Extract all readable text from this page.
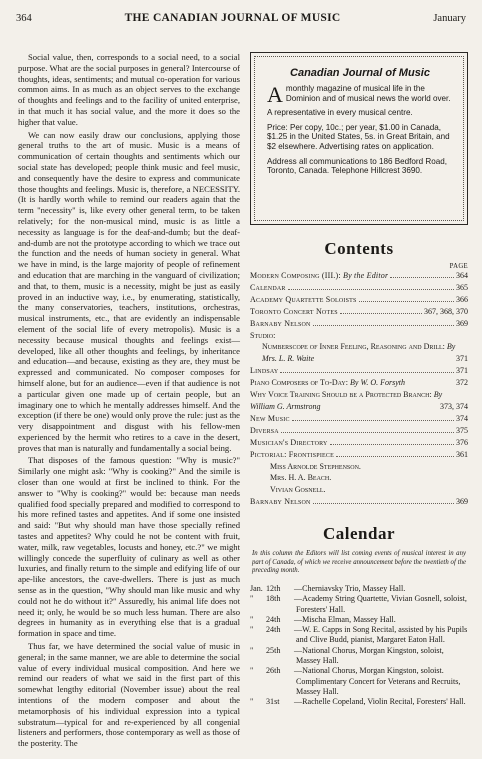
364	THE CANADIAN JOURNAL OF MUSIC	January

Social value, then, corresponds to a social need, to a social purpose. What are the social purposes in general? Intercourse of thoughts, ideas, sentiments; and mutual co-operation for various common aims. In as much as an object serves to the exchange of thoughts and feelings and to the facility of united enterprise, in that much it has social value, and the more it does so the higher that value.

We can now easily draw our conclusions, applying those general truths to the art of music. Music is a means of communication of certain thoughts and sentiments which our social state has developed; people think music and feel music, and consequently have the desire to express and communicate those thoughts and feelings. Music is, therefore, a NECESSITY. (It is hardly worth while to remind our readers again that the term "necessity" is, like every other general term, to be taken relatively; for the non-musical mind, music is as little a necessity as language is for the deaf-and-dumb; but the deaf-and-dumb are not the prototype according to which we trace out the function and the needs of human society in general. What we have in mind, is the large majority of people of refinement and education that are marching in the vanguard of civilization; and that, to them, music is a necessity, might be just as easily proved in an inductive way, i.e., by enumerating, statistically, the many conservatories, teachers, institutions, orchestras, musical instruments, etc., that are evidently an indispensable element of the social life of every metropolis). Music is a necessity because musical thoughts and feelings exist—developed, like all other thoughts and feelings, by inheritance and education—and because, existing as they are, they must be expressed and communicated. No composer composes for himself alone, but for an audience—even if that audience is not a particular given one made up of certain people, but an imaginary one to which he mentally addresses himself. And the exception (if there be one) would only prove the rule: just as the very disappointment and disgust with his fellow-men experienced by the hermit who retires to a cave in the desert, proves that man is naturally and fundamentally a social being.

That disposes of the famous question: "Why is music?" Similarly one might ask: "Why is cooking?" And the simile is closer than one would at first be inclined to think. For the answer to "Why is cooking?" would be: because man needs qualified food specially prepared and modified to correspond to his more refined tastes and appetites. And if some one insisted and said: "But why should man have those specially refined tastes and appetites? Why could he not be content with fruit, water, milk, raw vegetables, locusts and honey, etc.?" we might willingly concede the superfluity of culinary as well as other luxuries, and finally return to the simple and edifying life of our ape-like ancestors, the cave-dwellers. There is just as much sense as in the question, "Why should man like music and why could not he do without it?" Assuredly, his animal life does not need it; only, he would be so much less human. There are also degrees in humanity as in everything else that is a gradual formation in space and time.

Thus far, we have determined the social value of music in general; in the same manner, we are able to determine the social value of every individual musical composition. And here we remind our readers of what we said in the first part of this somewhat lengthy editorial (November issue) about the real intentions of the modern composer and about the metamorphosis of his individual expression into a typical substratum—typical for and re-experienced by all congenial listeners and performers, those contemporary as well as those of the posterity. The

Canadian Journal of Music
A monthly magazine of musical life in the Dominion and of musical news the world over.
A representative in every musical centre.
Price: Per copy, 10c.; per year, $1.00 in Canada, $1.25 in the United States, 5s. in Great Britain, and $2 elsewhere. Advertising rates on application.
Address all communications to 186 Bedford Road, Toronto, Canada. Telephone Hillcrest 3690.
Contents
PAGE
Modern Composing (III.): By the Editor	364
Calendar	365
Academy Quartette Soloists	366
Toronto Concert Notes	367, 368, 370
Barnaby Nelson	369
Studio:
Numberscope of Inner Feeling, Reasoning and Drill: By Mrs. L. R. Waite	371
Lindsay	371
Piano Composers of To-Day: By W. O. Forsyth	372
Why Voice Training Should be a Protected Branch: By William G. Armstrong	373, 374
New Music	374
Diversa	375
Musician's Directory	376
Pictorial: Frontispiece	361
Miss Arnolde Stephenson.
Mrs. H. A. Beach.
Vivian Gosnell.
Barnaby Nelson	369
Calendar
In this column the Editors will list coming events of musical interest in any part of Canada, of which we receive announcement before the twentieth of the preceding month.
Jan. 12th	—Cherniavsky Trio, Massey Hall.
"	18th	—Academy String Quartette, Vivian Gosnell, soloist, Foresters' Hall.
"	24th	—Mischa Elman, Massey Hall.
"	24th	—W. E. Capps in Song Recital, assisted by his Pupils and Clive Budd, pianist, Margaret Eaton Hall.
"	25th	—National Chorus, Morgan Kingston, soloist, Massey Hall.
"	26th	—National Chorus, Morgan Kingston, soloist. Complimentary Concert for Veterans and Recruits, Massey Hall.
"	31st	—Rachelle Copeland, Violin Recital, Foresters' Hall.
